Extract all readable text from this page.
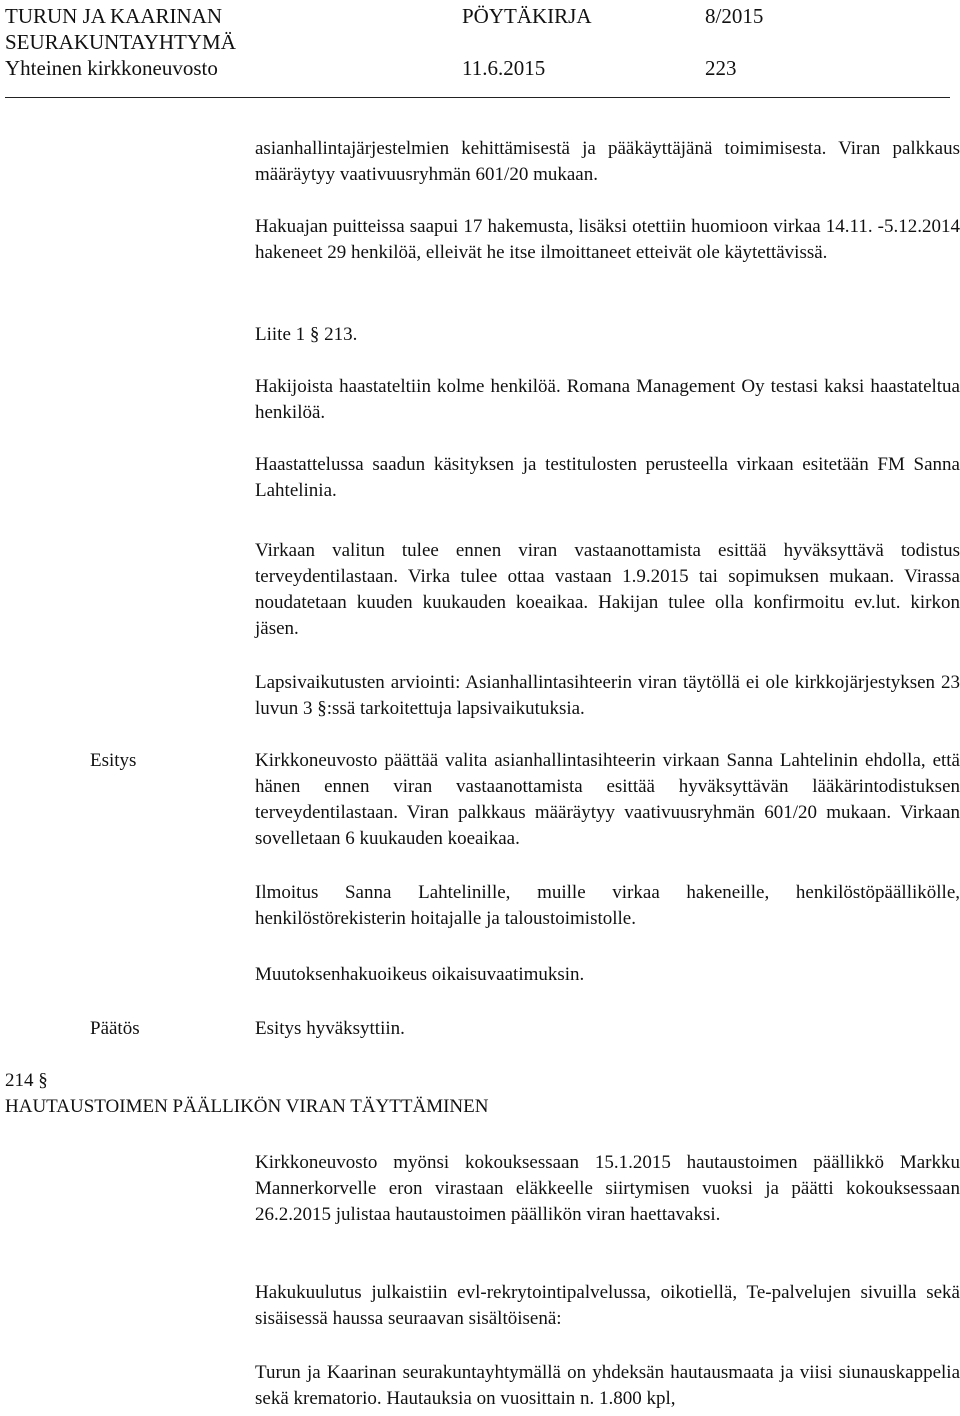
TURUN JA KAARINAN	PÖYTÄKIRJA	8/2015
SEURAKUNTAYHTYMÄ
Yhteinen kirkkoneuvosto	11.6.2015	223

asianhallintajärjestelmien kehittämisestä ja pääkäyttäjänä toimimisesta. Viran palkkaus määräytyy vaativuusryhmän 601/20 mukaan.

Hakuajan puitteissa saapui 17 hakemusta, lisäksi otettiin huomioon virkaa 14.11. -5.12.2014 hakeneet 29 henkilöä, elleivät he itse ilmoittaneet etteivät ole käytettävissä.

Liite 1 § 213.

Hakijoista haastateltiin kolme henkilöä. Romana Management Oy testasi kaksi haastateltua henkilöä.

Haastattelussa saadun käsityksen ja testitulosten perusteella virkaan esitetään FM Sanna Lahtelinia.

Virkaan valitun tulee ennen viran vastaanottamista esittää hyväksyttävä todistus terveydentilastaan. Virka tulee ottaa vastaan 1.9.2015 tai sopimuksen mukaan. Virassa noudatetaan kuuden kuukauden koeaikaa. Hakijan tulee olla konfirmoitu ev.lut. kirkon jäsen.

Lapsivaikutusten arviointi: Asianhallintasihteerin viran täytöllä ei ole kirkkojärjestyksen 23 luvun 3 §:ssä tarkoitettuja lapsivaikutuksia.

Esitys	Kirkkoneuvosto päättää valita asianhallintasihteerin virkaan Sanna Lahtelinin ehdolla, että hänen ennen viran vastaanottamista esittää hyväksyttävän lääkärintodistuksen terveydentilastaan. Viran palkkaus määräytyy vaativuusryhmän 601/20 mukaan. Virkaan sovelletaan 6 kuukauden koeaikaa.

Ilmoitus Sanna Lahtelinille, muille virkaa hakeneille, henkilöstöpäällikölle, henkilöstörekisterin hoitajalle ja taloustoimistolle.

Muutoksenhakuoikeus oikaisuvaatimuksin.

Päätös	Esitys hyväksyttiin.

214 §
HAUTAUSTOIMEN PÄÄLLIKÖN VIRAN TÄYTTÄMINEN

Kirkkoneuvosto myönsi kokouksessaan 15.1.2015 hautaustoimen päällikkö Markku Mannerkorvelle eron virastaan eläkkeelle siirtymisen vuoksi ja päätti kokouksessaan 26.2.2015 julistaa hautaustoimen päällikön viran haettavaksi.

Hakukuulutus julkaistiin evl-rekrytointipalvelussa, oikotiellä, Te-palvelujen sivuilla sekä sisäisessä haussa seuraavan sisältöisenä:

Turun ja Kaarinan seurakuntayhtymällä on yhdeksän hautausmaata ja viisi siunauskappelia sekä krematorio. Hautauksia on vuosittain n. 1.800 kpl,
